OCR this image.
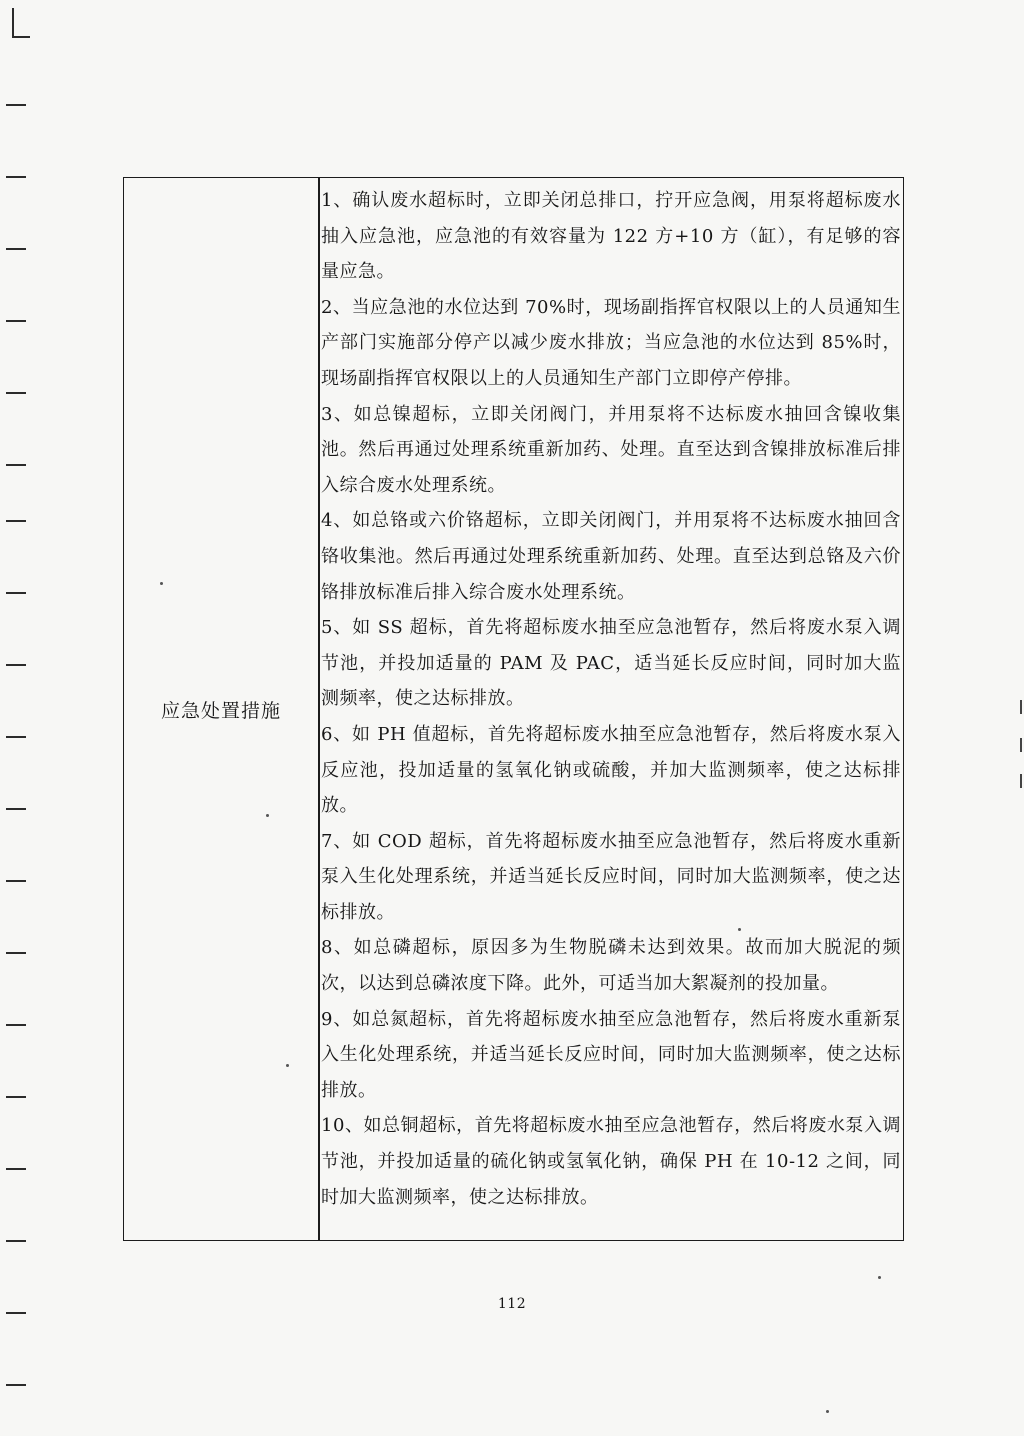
应急处置措施

1、确认废水超标时，立即关闭总排口，拧开应急阀，用泵将超标废水抽入应急池，应急池的有效容量为 122 方+10 方（缸），有足够的容量应急。

2、当应急池的水位达到 70%时，现场副指挥官权限以上的人员通知生产部门实施部分停产以减少废水排放；当应急池的水位达到 85%时，现场副指挥官权限以上的人员通知生产部门立即停产停排。

3、如总镍超标，立即关闭阀门，并用泵将不达标废水抽回含镍收集池。然后再通过处理系统重新加药、处理。直至达到含镍排放标准后排入综合废水处理系统。

4、如总铬或六价铬超标，立即关闭阀门，并用泵将不达标废水抽回含铬收集池。然后再通过处理系统重新加药、处理。直至达到总铬及六价铬排放标准后排入综合废水处理系统。

5、如 SS 超标，首先将超标废水抽至应急池暂存，然后将废水泵入调节池，并投加适量的 PAM 及 PAC，适当延长反应时间，同时加大监测频率，使之达标排放。

6、如 PH 值超标，首先将超标废水抽至应急池暂存，然后将废水泵入反应池，投加适量的氢氧化钠或硫酸，并加大监测频率，使之达标排放。

7、如 COD 超标，首先将超标废水抽至应急池暂存，然后将废水重新泵入生化处理系统，并适当延长反应时间，同时加大监测频率，使之达标排放。

8、如总磷超标，原因多为生物脱磷未达到效果。故而加大脱泥的频次，以达到总磷浓度下降。此外，可适当加大絮凝剂的投加量。

9、如总氮超标，首先将超标废水抽至应急池暂存，然后将废水重新泵入生化处理系统，并适当延长反应时间，同时加大监测频率，使之达标排放。

10、如总铜超标，首先将超标废水抽至应急池暂存，然后将废水泵入调节池，并投加适量的硫化钠或氢氧化钠，确保 PH 在 10-12 之间，同时加大监测频率，使之达标排放。

112
